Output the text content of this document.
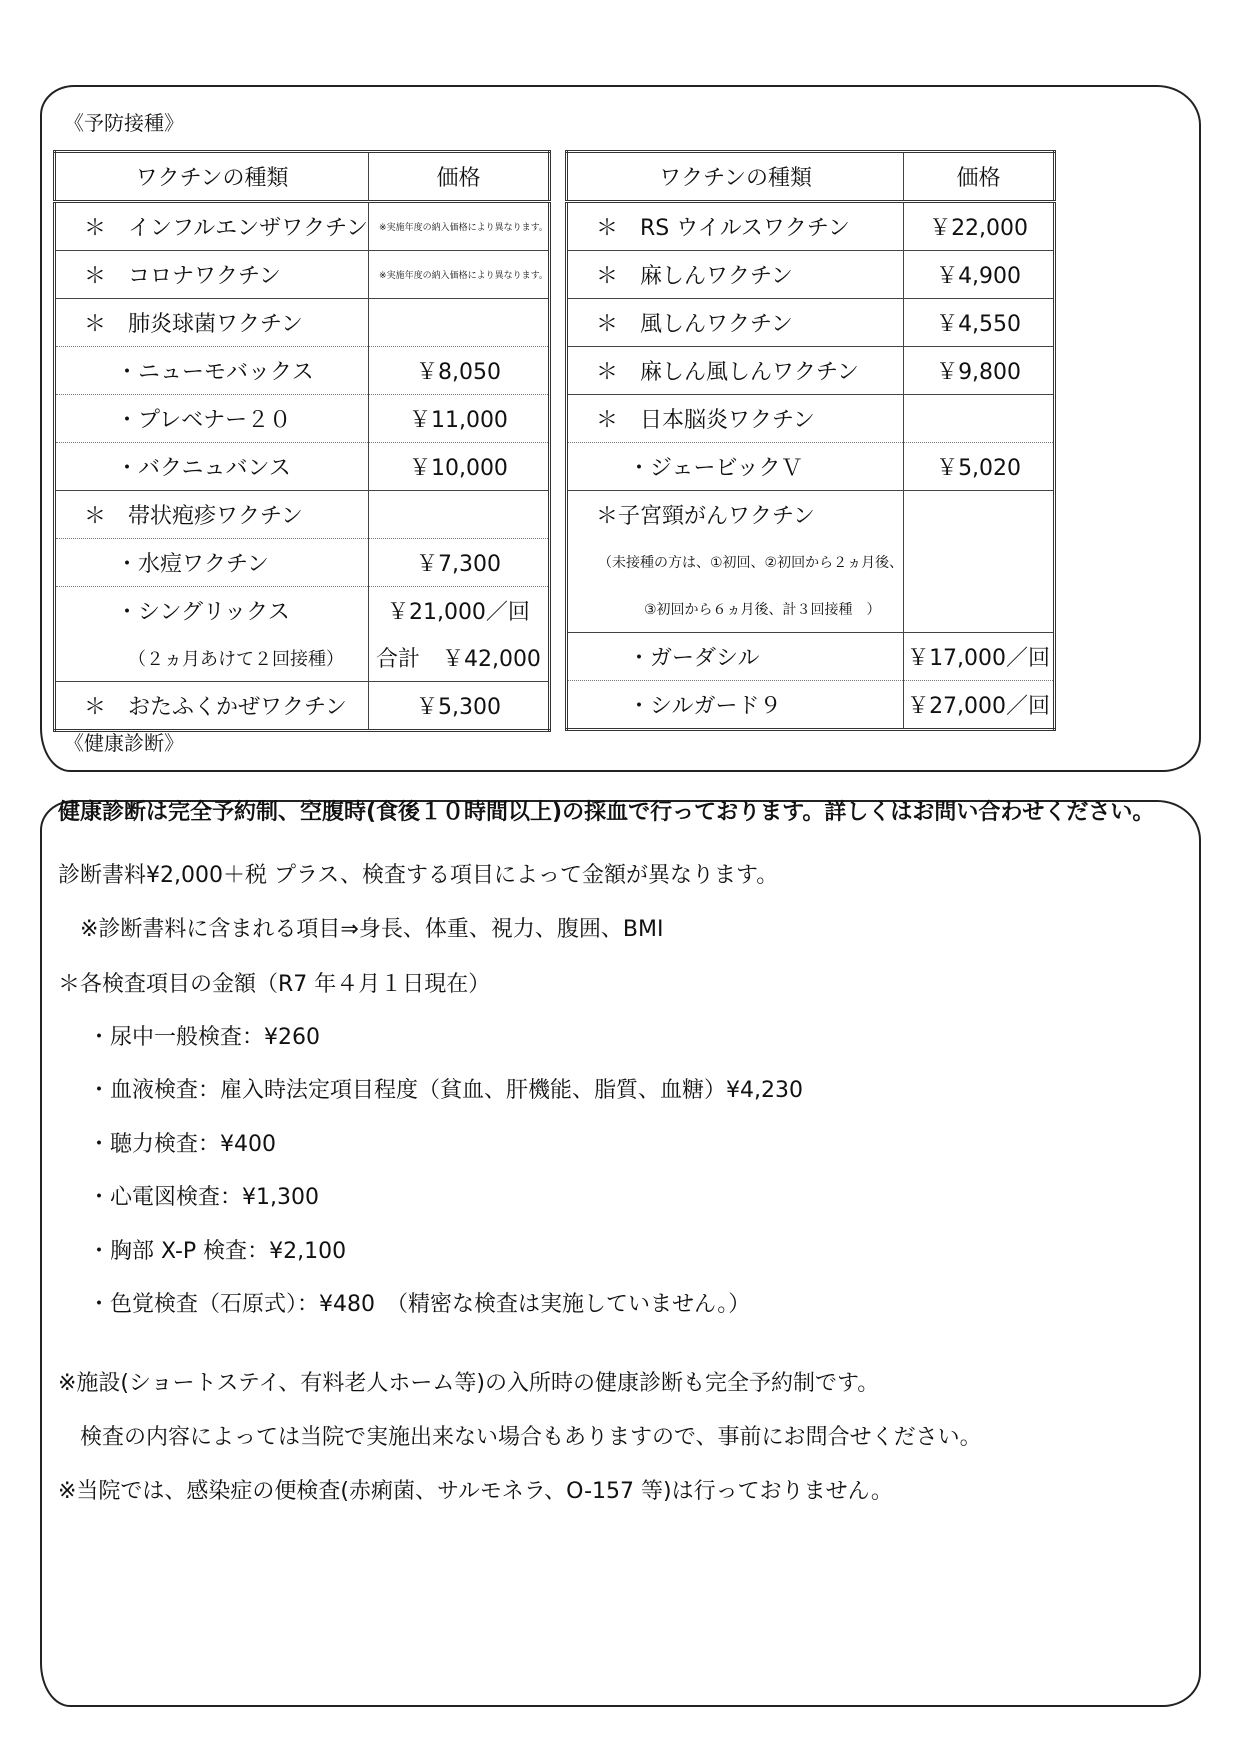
《予防接種》
ワクチンの種類	価格
＊　インフルエンザワクチン	※実施年度の納入価格により異なります。
＊　コロナワクチン	※実施年度の納入価格により異なります。
＊　肺炎球菌ワクチン	
・ニューモバックス	￥8,050
・プレベナー２０	￥11,000
・バクニュバンス	￥10,000
＊　帯状疱疹ワクチン	
・水痘ワクチン	￥7,300
・シングリックス	￥21,000／回
（２ヵ月あけて２回接種）	合計　￥42,000
＊　おたふくかぜワクチン	￥5,300
ワクチンの種類	価格
＊　RS ウイルスワクチン	￥22,000
＊　麻しんワクチン	￥4,900
＊　風しんワクチン	￥4,550
＊　麻しん風しんワクチン	￥9,800
＊　日本脳炎ワクチン	
・ジェービックＶ	￥5,020
＊子宮頸がんワクチン	
（未接種の方は、①初回、②初回から２ヵ月後、	
③初回から６ヵ月後、計３回接種　）	
・ガーダシル	￥17,000／回
・シルガード９	￥27,000／回
《健康診断》
健康診断は完全予約制、空腹時(食後１０時間以上)の採血で行っております。詳しくはお問い合わせください。
診断書料¥2,000＋税 プラス、検査する項目によって金額が異なります。
※診断書料に含まれる項目⇒身長、体重、視力、腹囲、BMI
＊各検査項目の金額（R7 年４月１日現在）
・尿中一般検査：¥260
・血液検査：雇入時法定項目程度（貧血、肝機能、脂質、血糖）¥4,230
・聴力検査：¥400
・心電図検査：¥1,300
・胸部 X-P 検査：¥2,100
・色覚検査（石原式）：¥480　（精密な検査は実施していません。）
※施設(ショートステイ、有料老人ホーム等)の入所時の健康診断も完全予約制です。
検査の内容によっては当院で実施出来ない場合もありますので、事前にお問合せください。
※当院では、感染症の便検査(赤痢菌、サルモネラ、O-157 等)は行っておりません。
